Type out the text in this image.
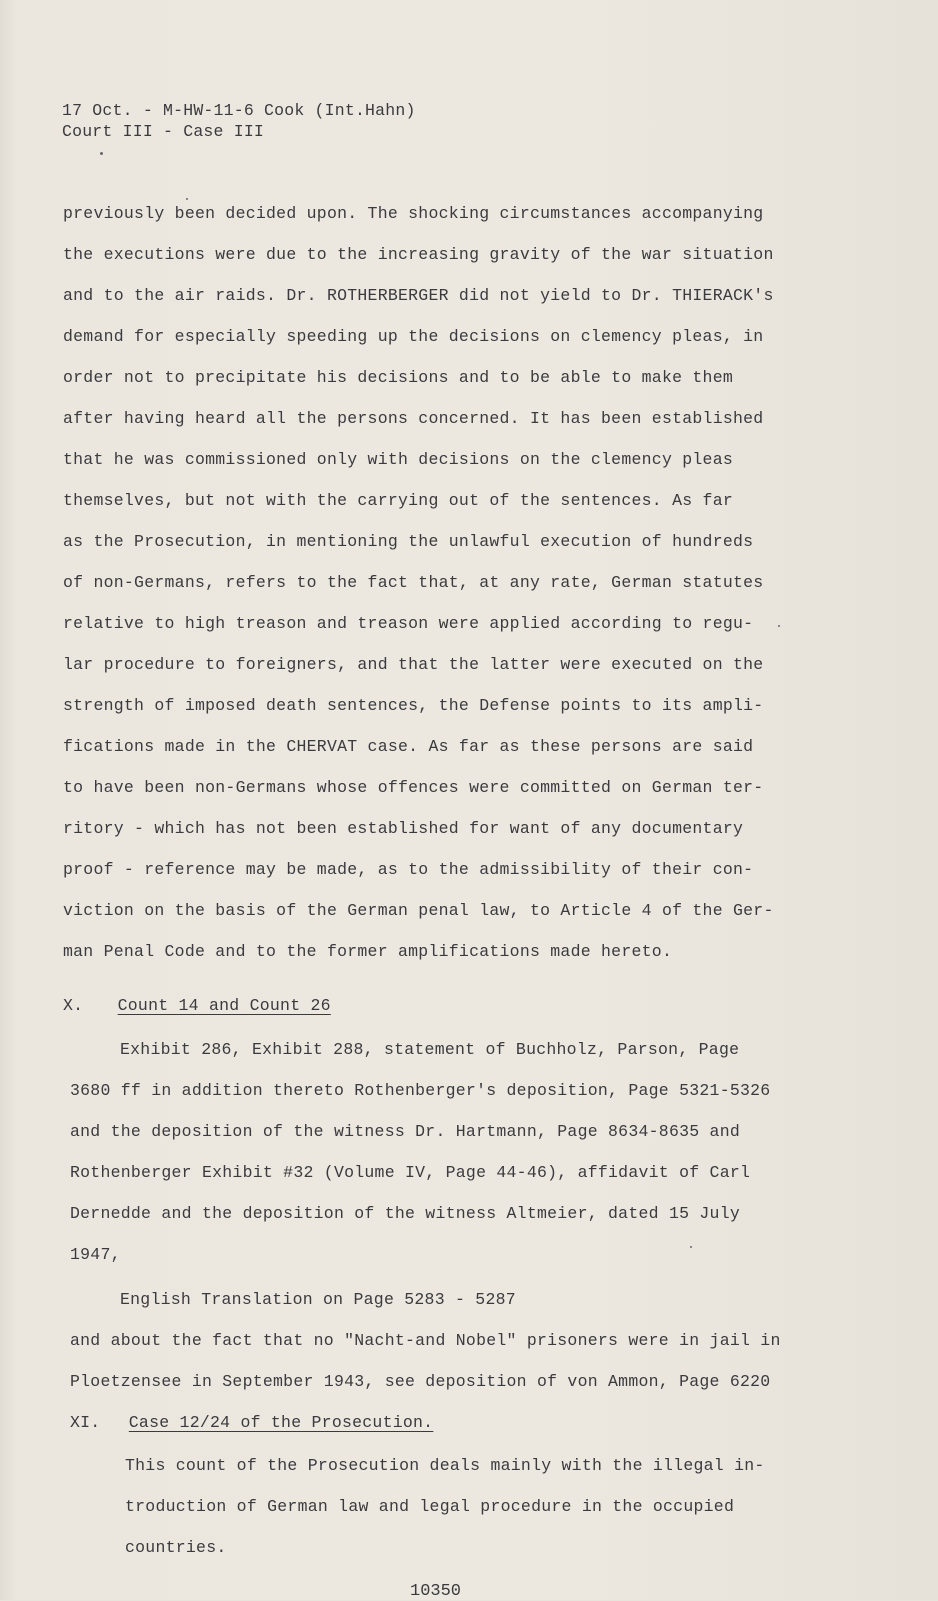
17 Oct. - M-HW-11-6 Cook (Int.Hahn)
Court III - Case III
previously been decided upon. The shocking circumstances accompanying
the executions were due to the increasing gravity of the war situation
and to the air raids. Dr. ROTHERBERGER did not yield to Dr. THIERACK's
demand for especially speeding up the decisions on clemency pleas, in
order not to precipitate his decisions and to be able to make them
after having heard all the persons concerned. It has been established
that he was commissioned only with decisions on the clemency pleas
themselves, but not with the carrying out of the sentences. As far
as the Prosecution, in mentioning the unlawful execution of hundreds
of non-Germans, refers to the fact that, at any rate, German statutes
relative to high treason and treason were applied according to regu-
lar procedure to foreigners, and that the latter were executed on the
strength of imposed death sentences, the Defense points to its ampli-
fications made in the CHERVAT case. As far as these persons are said
to have been non-Germans whose offences were committed on German ter-
ritory - which has not been established for want of any documentary
proof - reference may be made, as to the admissibility of their con-
viction on the basis of the German penal law, to Article 4 of the Ger-
man Penal Code and to the former amplifications made hereto.
X. Count 14 and Count 26
Exhibit 286, Exhibit 288, statement of Buchholz, Parson, Page
3680 ff in addition thereto Rothenberger's deposition, Page 5321-5326
and the deposition of the witness Dr. Hartmann, Page 8634-8635 and
Rothenberger Exhibit #32 (Volume IV, Page 44-46), affidavit of Carl
Dernedde and the deposition of the witness Altmeier, dated 15 July
1947,
English Translation on Page 5283 - 5287
and about the fact that no "Nacht-and Nobel" prisoners were in jail in
Ploetzensee in September 1943, see deposition of von Ammon, Page 6220
XI. Case 12/24 of the Prosecution.
This count of the Prosecution deals mainly with the illegal in-
troduction of German law and legal procedure in the occupied
countries.
10350
